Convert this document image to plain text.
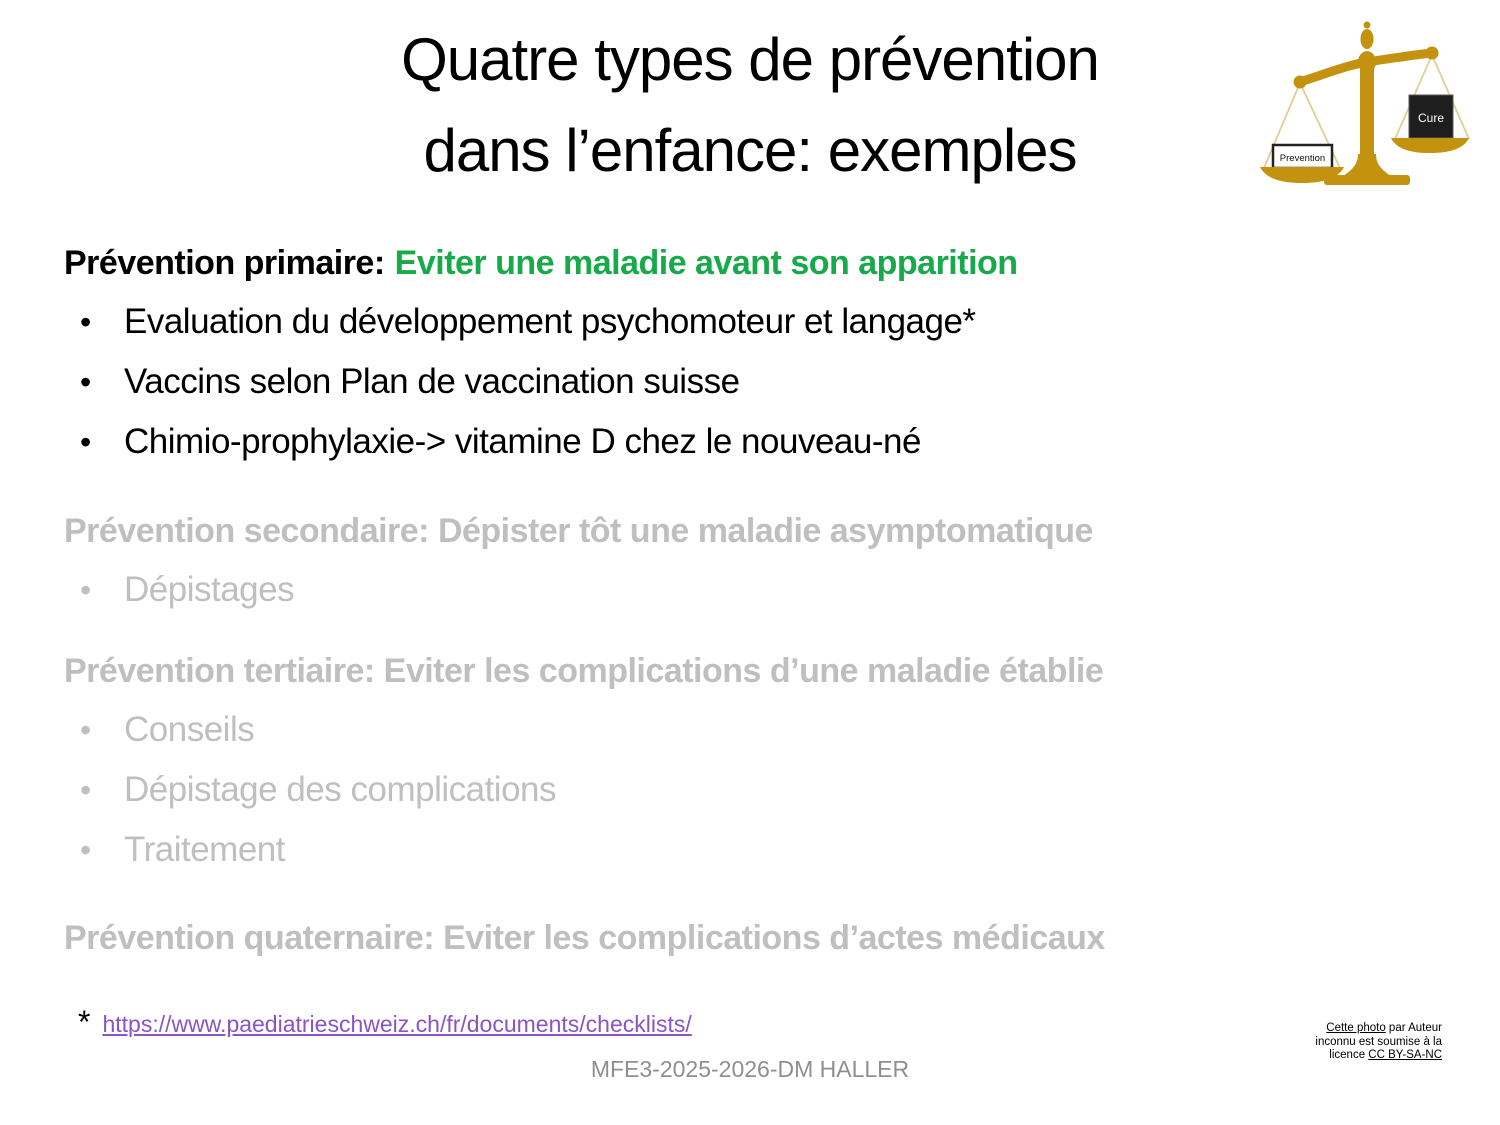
Quatre types de prévention
dans l’enfance: exemples	Cure
Prevention
Prévention primaire: Eviter une maladie avant son apparition
• Evaluation du développement psychomoteur et langage*
• Vaccins selon Plan de vaccination suisse
• Chimio-prophylaxie-> vitamine D chez le nouveau-né
Prévention secondaire: Dépister tôt une maladie asymptomatique
• Dépistages
Prévention tertiaire: Eviter les complications d’une maladie établie
• Conseils
• Dépistage des complications
• Traitement
Prévention quaternaire: Eviter les complications d’actes médicaux
* https://www.paediatrieschweiz.ch/fr/documents/checklists/
MFE3-2025-2026-DM HALLER
Cette photo par Auteur inconnu est soumise à la licence CC BY-SA-NC
